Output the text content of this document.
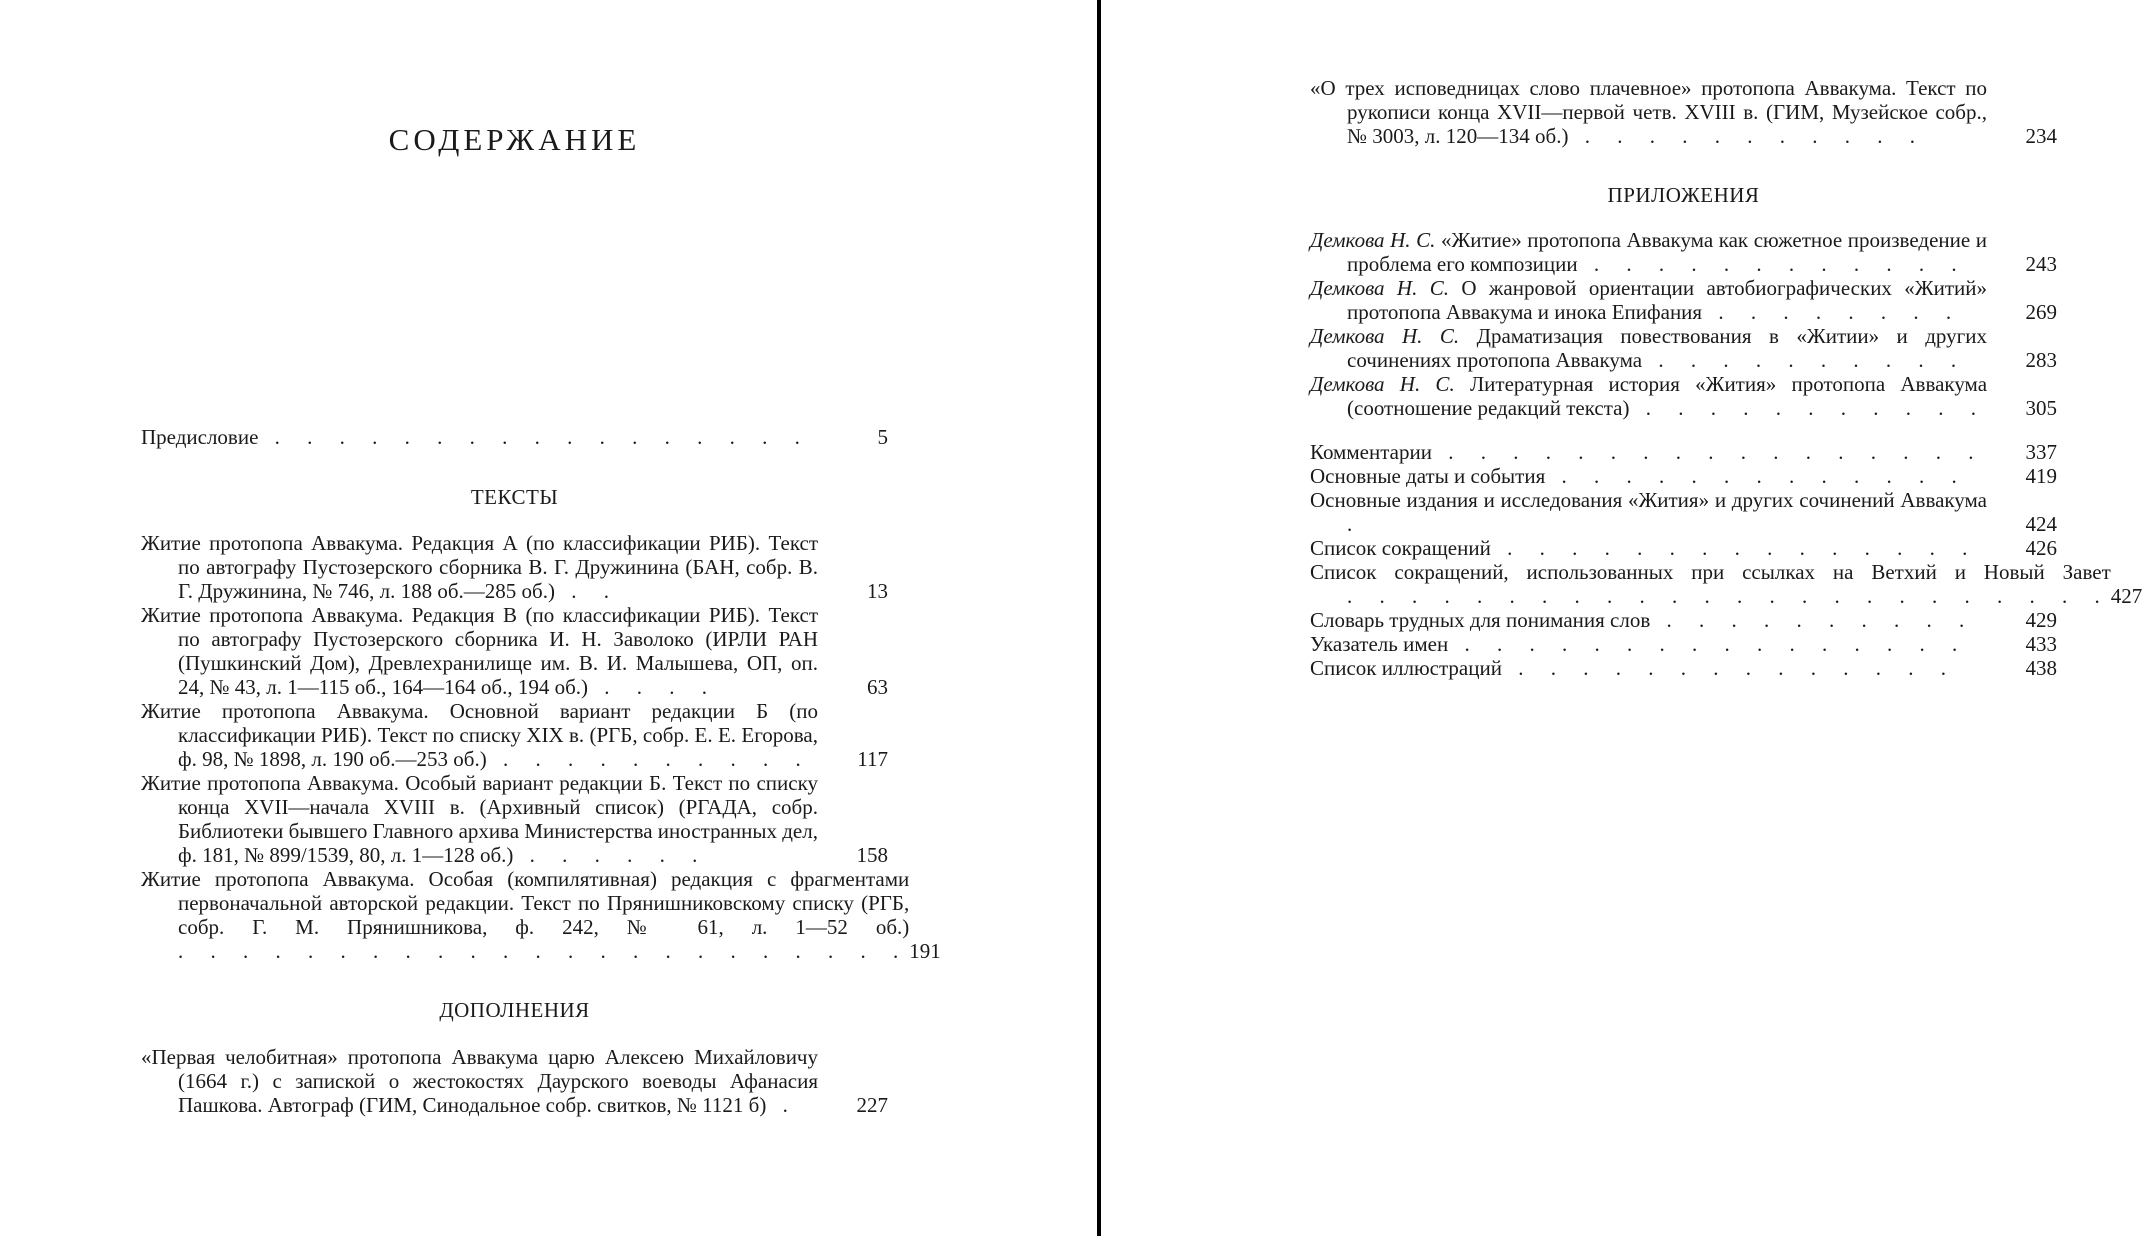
СОДЕРЖАНИЕ
Предисловие . . . . . . . . . . . . . . . . .	5
ТЕКСТЫ
Житие протопопа Аввакума. Редакция А (по классификации РИБ). Текст по автографу Пустозерского сборника В. Г. Дружинина (БАН, собр. В. Г. Дружинина, № 746, л. 188 об.—285 об.) . .	13
Житие протопопа Аввакума. Редакция В (по классификации РИБ). Текст по автографу Пустозерского сборника И. Н. Заволоко (ИРЛИ РАН (Пушкинский Дом), Древлехранилище им. В. И. Малышева, ОП, оп. 24, № 43, л. 1—115 об., 164—164 об., 194 об.) . . . .	63
Житие протопопа Аввакума. Основной вариант редакции Б (по классификации РИБ). Текст по списку XIX в. (РГБ, собр. Е. Е. Егорова, ф. 98, № 1898, л. 190 об.—253 об.) . . . . . . . . . .	117
Житие протопопа Аввакума. Особый вариант редакции Б. Текст по списку конца XVII—начала XVIII в. (Архивный список) (РГАДА, собр. Библиотеки бывшего Главного архива Министерства иностранных дел, ф. 181, № 899/1539, 80, л. 1—128 об.) . . . . . .	158
Житие протопопа Аввакума. Особая (компилятивная) редакция с фрагментами первоначальной авторской редакции. Текст по Прянишниковскому списку (РГБ, собр. Г. М. Прянишникова, ф. 242, № 61, л. 1—52 об.) . . . . . . . . . . . . . . . . . . . . . . . 191
ДОПОЛНЕНИЯ
«Первая челобитная» протопопа Аввакума царю Алексею Михайловичу (1664 г.) с запиской о жестокостях Даурского воеводы Афанасия Пашкова. Автограф (ГИМ, Синодальное собр. свитков, № 1121 б) .	227
«О трех исповедницах слово плачевное» протопопа Аввакума. Текст по рукописи конца XVII—первой четв. XVIII в. (ГИМ, Музейское собр., № 3003, л. 120—134 об.) . . . . . . . . . . .	234
ПРИЛОЖЕНИЯ
Демкова Н. С. «Житие» протопопа Аввакума как сюжетное произведение и проблема его композиции . . . . . . . . . . . .	243
Демкова Н. С. О жанровой ориентации автобиографических «Житий» протопопа Аввакума и инока Епифания . . . . . . . .	269
Демкова Н. С. Драматизация повествования в «Житии» и других сочинениях протопопа Аввакума . . . . . . . . . .	283
Демкова Н. С. Литературная история «Жития» протопопа Аввакума (соотношение редакций текста) . . . . . . . . . . .	305
Комментарии . . . . . . . . . . . . . . . . .	337
Основные даты и события . . . . . . . . . . . . .	419
Основные издания и исследования «Жития» и других сочинений Аввакума .	424
Список сокращений . . . . . . . . . . . . . . .	426
Список сокращений, использованных при ссылках на Ветхий и Новый Завет . . . . . . . . . . . . . . . . . . . . . . . . 427
Словарь трудных для понимания слов . . . . . . . . . .	429
Указатель имен . . . . . . . . . . . . . . . .	433
Список иллюстраций . . . . . . . . . . . . . .	438
